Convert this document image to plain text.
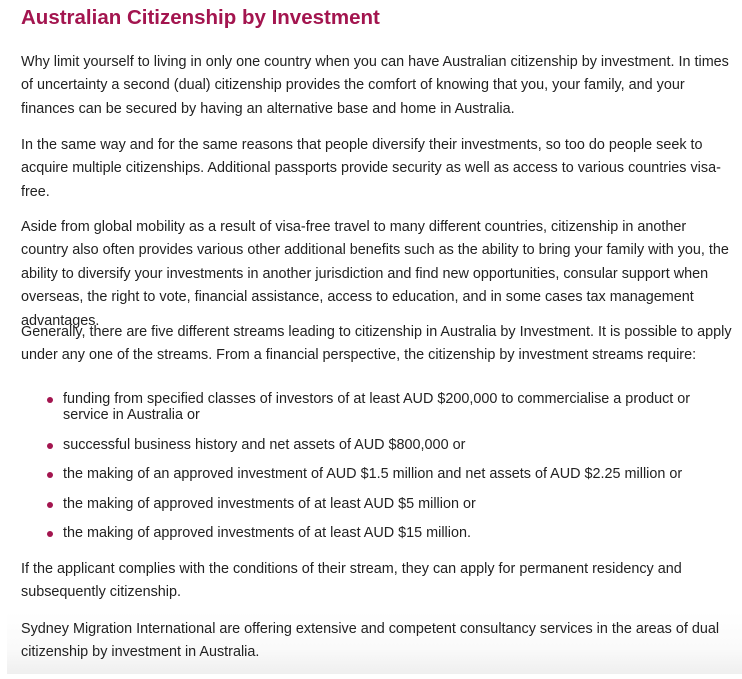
Australian Citizenship by Investment

Why limit yourself to living in only one country when you can have Australian citizenship by investment. In times of uncertainty a second (dual) citizenship provides the comfort of knowing that you, your family, and your finances can be secured by having an alternative base and home in Australia.

In the same way and for the same reasons that people diversify their investments, so too do people seek to acquire multiple citizenships. Additional passports provide security as well as access to various countries visa-free.

Aside from global mobility as a result of visa-free travel to many different countries, citizenship in another country also often provides various other additional benefits such as the ability to bring your family with you, the ability to diversify your investments in another jurisdiction and find new opportunities, consular support when overseas, the right to vote, financial assistance, access to education, and in some cases tax management advantages.

Generally, there are five different streams leading to citizenship in Australia by Investment. It is possible to apply under any one of the streams. From a financial perspective, the citizenship by investment streams require:

funding from specified classes of investors of at least AUD $200,000 to commercialise a product or service in Australia or
successful business history and net assets of AUD $800,000 or
the making of an approved investment of AUD $1.5 million and net assets of AUD $2.25 million or
the making of approved investments of at least AUD $5 million or
the making of approved investments of at least AUD $15 million.

If the applicant complies with the conditions of their stream, they can apply for permanent residency and subsequently citizenship.

Sydney Migration International are offering extensive and competent consultancy services in the areas of dual citizenship by investment in Australia.
